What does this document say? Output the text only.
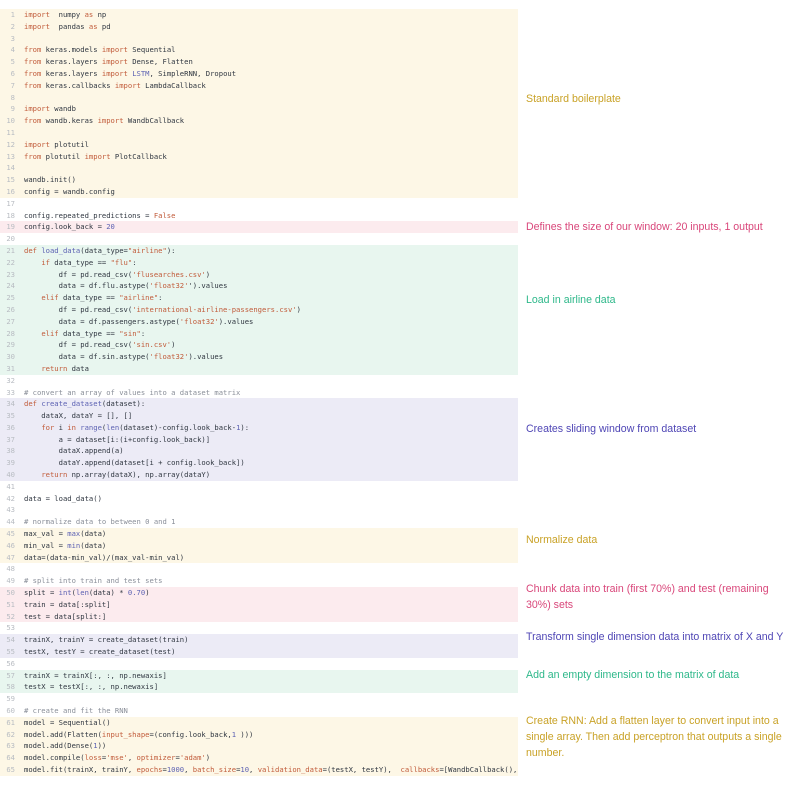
1 import  numpy as np
2 import  pandas as pd
3
4 from keras.models import Sequential
5 from keras.layers import Dense, Flatten
6 from keras.layers import LSTM, SimpleRNN, Dropout
7 from keras.callbacks import LambdaCallback
8
9 import wandb
10 from wandb.keras import WandbCallback
11
12 import plotutil
13 from plotutil import PlotCallback
14
15 wandb.init()
16 config = wandb.config
17
18 config.repeated_predictions = False
19 config.look_back = 20
20
21 def load_data(data_type="airline"):
22	if data_type == "flu":
23 df = pd.read_csv('flusearches.csv')
24 data = df.flu.astype('float32'').values
25	elif data_type == "airline":
26 df = pd.read_csv('international-airline-passengers.csv')
27 data = df.passengers.astype('float32').values
28	elif data_type == "sin":
29 df = pd.read_csv('sin.csv')
30 data = df.sin.astype('float32').values
31	return data
32
33 # convert an array of values into a dataset matrix
34 def create_dataset(dataset):
35 dataX, dataY = [], []
36	for i in range(len(dataset)-config.look_back-1):
37 a = dataset[i:(i+config.look_back)]
38 dataX.append(a)
39 dataY.append(dataset[i + config.look_back])
40	return np.array(dataX), np.array(dataY)
41
42 data = load_data()
43
44 # normalize data to between 0 and 1
45 max_val = max(data)
46 min_val = min(data)
47 data=(data-min_val)/(max_val-min_val)
48
49 # split into train and test sets
50 split = int(len(data) * 0.70)
51 train = data[:split]
52 test = data[split:]
53
54 trainX, trainY = create_dataset(train)
55 testX, testY = create_dataset(test)
56
57 trainX = trainX[:, :, np.newaxis]
58 testX = testX[:, :, np.newaxis]
59
60 # create and fit the RNN
61 model = Sequential()
62 model.add(Flatten(input_shape=(config.look_back,1 )))
63 model.add(Dense(1))
64 model.compile(loss='mse', optimizer='adam')
65 model.fit(trainX, trainY, epochs=1000, batch_size=10, validation_data=(testX, testY),  callbacks=[WandbCallback(),
Standard boilerplate
Defines the size of our window: 20 inputs, 1 output
Load in airline data
Creates sliding window from dataset
Normalize data
Chunk data into train (first 70%) and test (remaining 30%) sets
Transform single dimension data into matrix of X and Y
Add an empty dimension to the matrix of data
Create RNN: Add a flatten layer to convert input into a single array. Then add perceptron that outputs a single number.
